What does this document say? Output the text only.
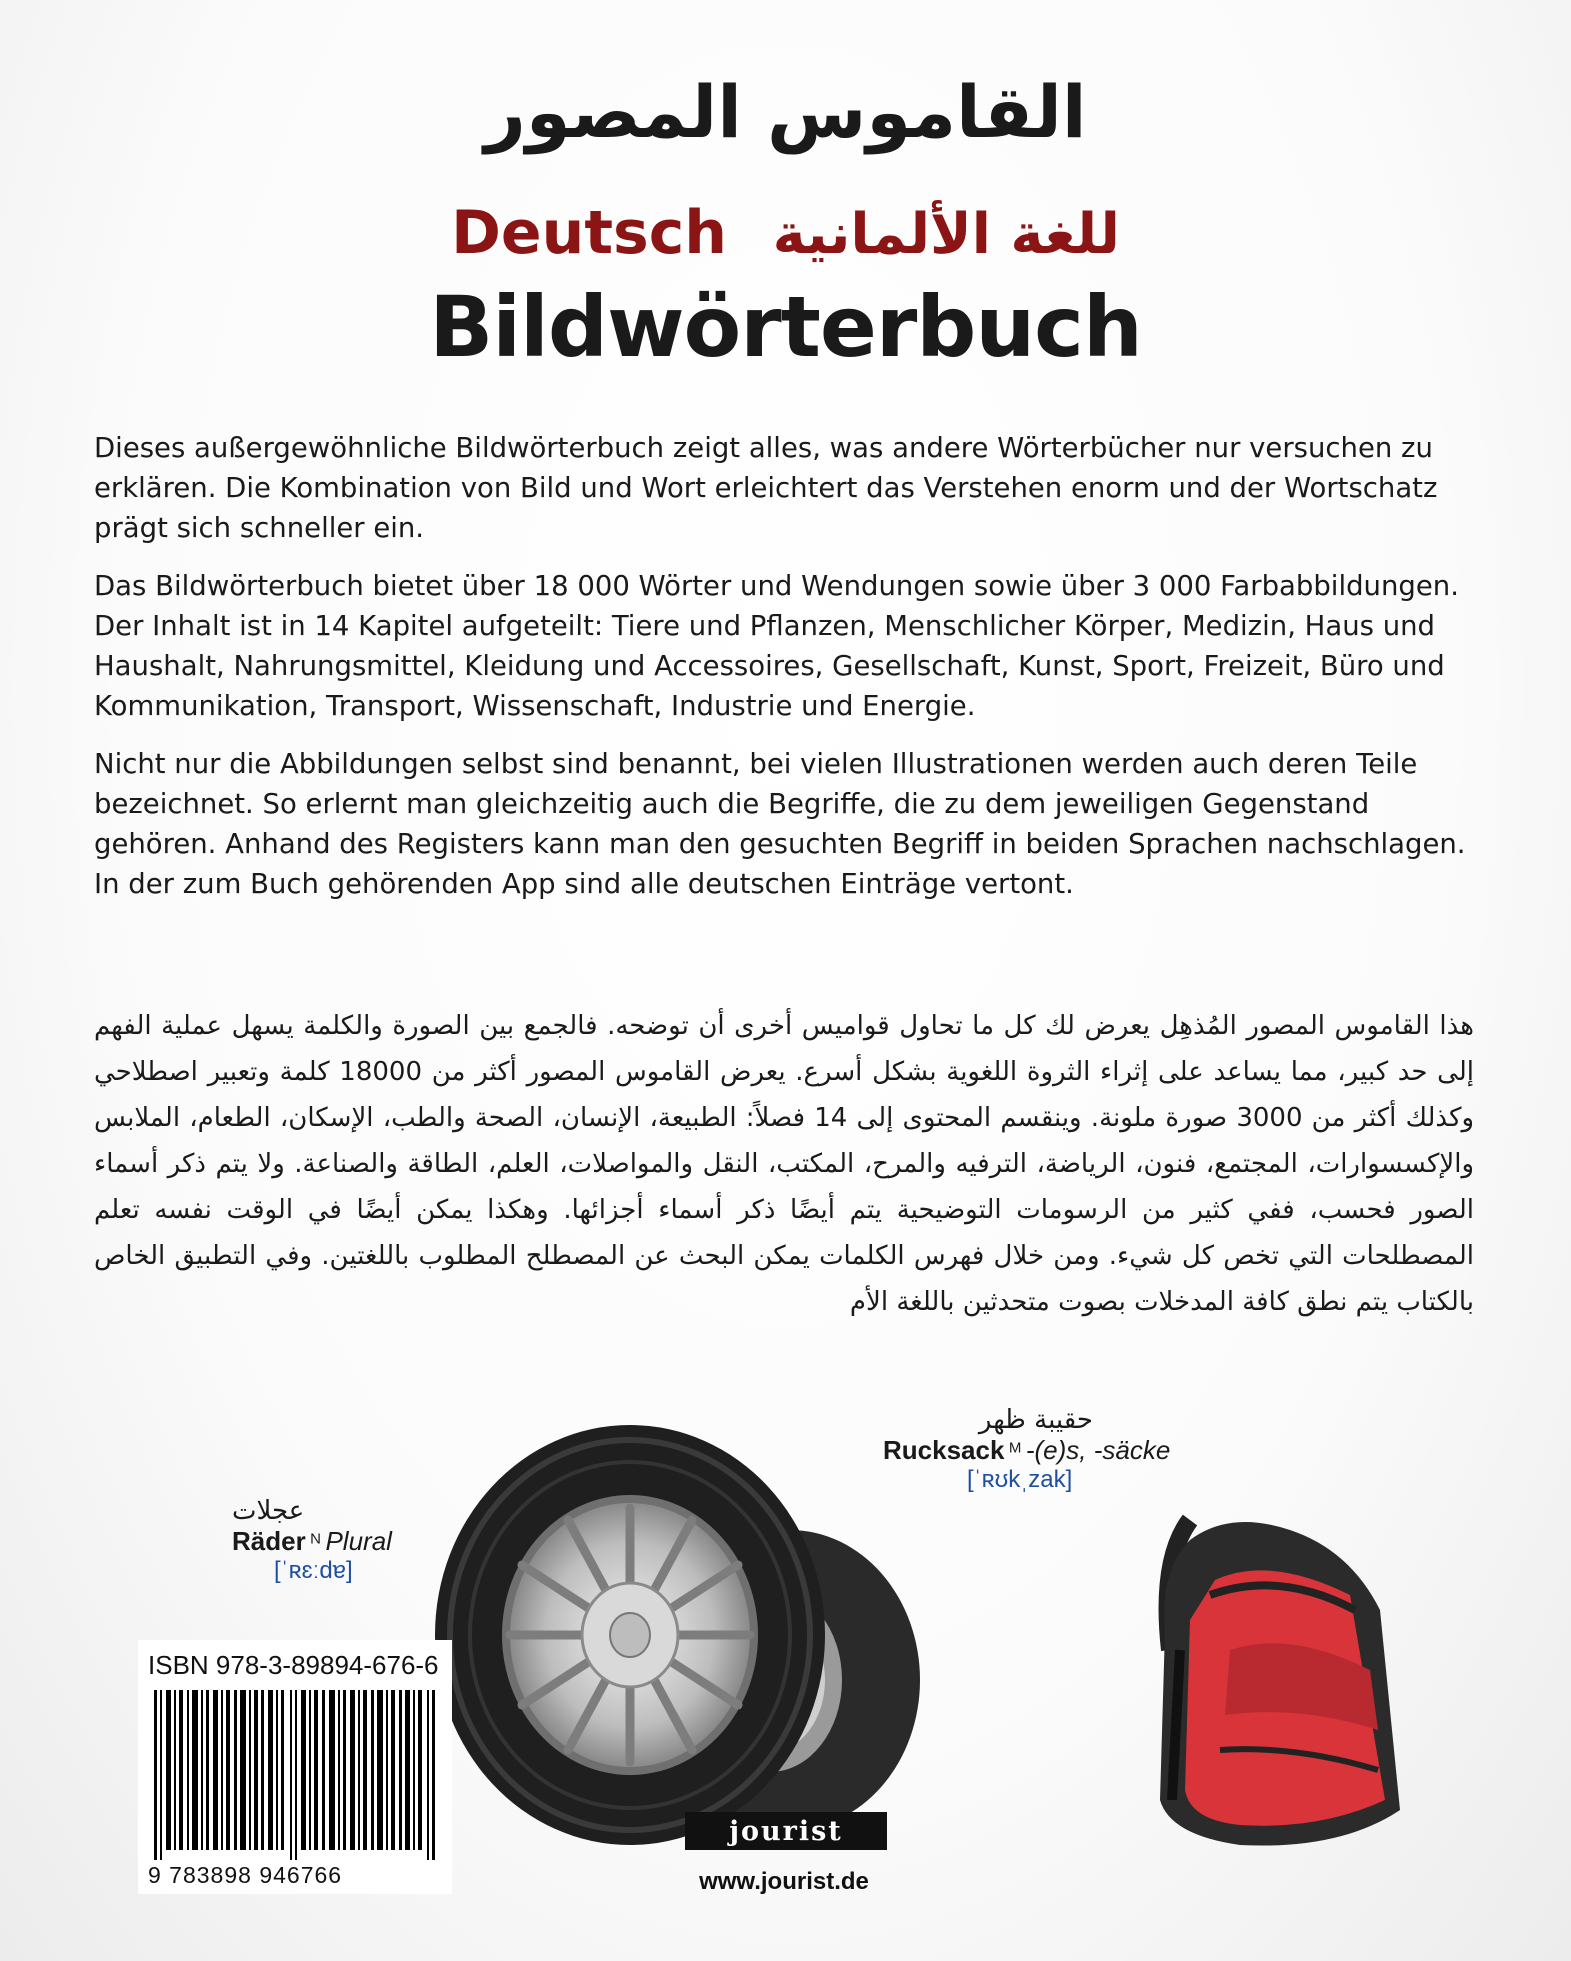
القاموس المصور
Deutsch للغة الألمانية
Bildwörterbuch

Dieses außergewöhnliche Bildwörterbuch zeigt alles, was andere Wörterbücher nur versuchen zu erklären. Die Kombination von Bild und Wort erleichtert das Verstehen enorm und der Wortschatz prägt sich schneller ein.

Das Bildwörterbuch bietet über 18 000 Wörter und Wendungen sowie über 3 000 Farbabbildungen. Der Inhalt ist in 14 Kapitel aufgeteilt: Tiere und Pflanzen, Menschlicher Körper, Medizin, Haus und Haushalt, Nahrungsmittel, Kleidung und Accessoires, Gesellschaft, Kunst, Sport, Freizeit, Büro und Kommunikation, Transport, Wissenschaft, Industrie und Energie.

Nicht nur die Abbildungen selbst sind benannt, bei vielen Illustrationen werden auch deren Teile bezeichnet. So erlernt man gleichzeitig auch die Begriffe, die zu dem jeweiligen Gegenstand gehören. Anhand des Registers kann man den gesuchten Begriff in beiden Sprachen nachschlagen. In der zum Buch gehörenden App sind alle deutschen Einträge vertont.

هذا القاموس المصور المُذهِل يعرض لك كل ما تحاول قواميس أخرى أن توضحه. فالجمع بين الصورة والكلمة يسهل عملية الفهم إلى حد كبير، مما يساعد على إثراء الثروة اللغوية بشكل أسرع. يعرض القاموس المصور أكثر من 18000 كلمة وتعبير اصطلاحي وكذلك أكثر من 3000 صورة ملونة. وينقسم المحتوى إلى 14 فصلاً: الطبيعة، الإنسان، الصحة والطب، الإسكان، الطعام، الملابس والإكسسوارات، المجتمع، فنون، الرياضة، الترفيه والمرح، المكتب، النقل والمواصلات، العلم، الطاقة والصناعة. ولا يتم ذكر أسماء الصور فحسب، ففي كثير من الرسومات التوضيحية يتم أيضًا ذكر أسماء أجزائها. وهكذا يمكن أيضًا في الوقت نفسه تعلم المصطلحات التي تخص كل شيء. ومن خلال فهرس الكلمات يمكن البحث عن المصطلح المطلوب باللغتين. وفي التطبيق الخاص بالكتاب يتم نطق كافة المدخلات بصوت متحدثين باللغة الأم
عجلات
Räder N Plural
[ˈʀɛːdɐ]
حقيبة ظهر
Rucksack M -(e)s, -säcke
[ˈʀʊkˌzak]
ISBN 978-3-89894-676-6
9 783898 946766
jourist
www.jourist.de
